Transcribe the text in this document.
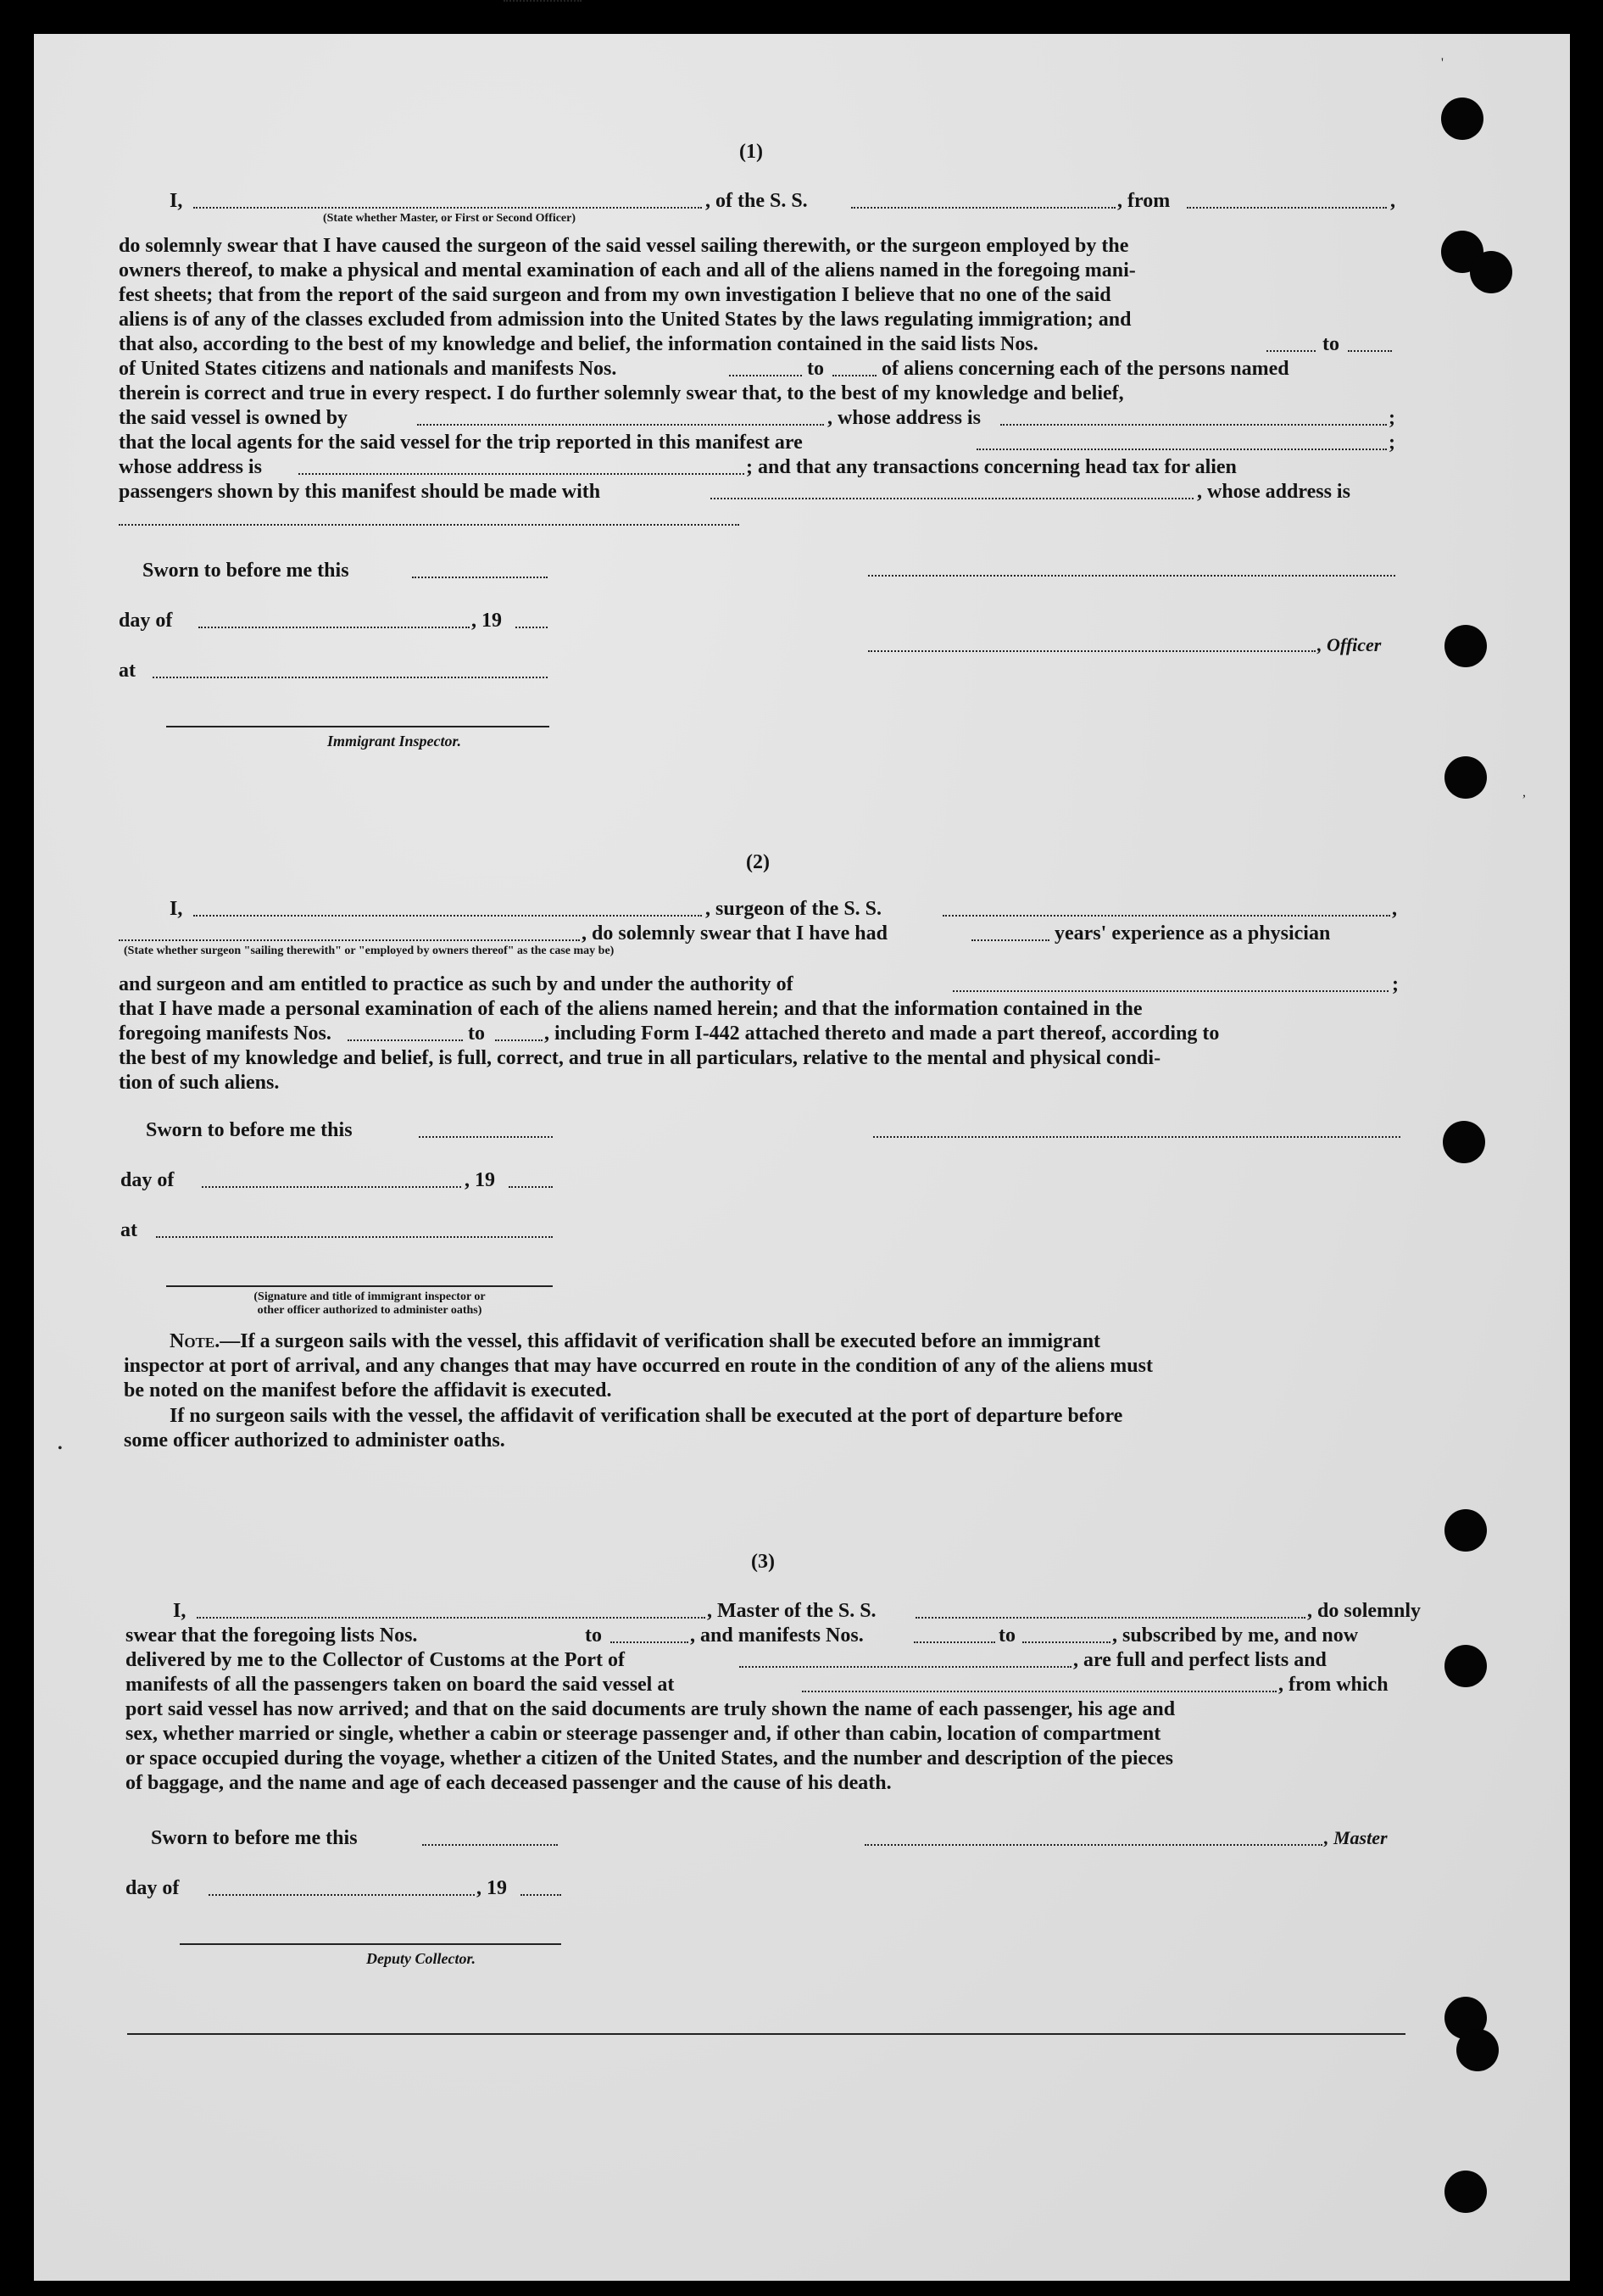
(1)
I,	, of the S. S.	, from	,
(State whether Master, or First or Second Officer)
do solemnly swear that I have caused the surgeon of the said vessel sailing therewith, or the surgeon employed by the
owners thereof, to make a physical and mental examination of each and all of the aliens named in the foregoing mani-
fest sheets; that from the report of the said surgeon and from my own investigation I believe that no one of the said
aliens is of any of the classes excluded from admission into the United States by the laws regulating immigration; and
that also, according to the best of my knowledge and belief, the information contained in the said lists Nos.	to
of United States citizens and nationals and manifests Nos.	to	of aliens concerning each of the persons named
therein is correct and true in every respect. I do further solemnly swear that, to the best of my knowledge and belief,
the said vessel is owned by	, whose address is	;
that the local agents for the said vessel for the trip reported in this manifest are	;
whose address is	; and that any transactions concerning head tax for alien
passengers shown by this manifest should be made with	, whose address is
Sworn to before me this
day of	, 19
, Officer
at
Immigrant Inspector.
(2)
I,	, surgeon of the S. S.	,
, do solemnly swear that I have had	years' experience as a physician
(State whether surgeon "sailing therewith" or "employed by owners thereof" as the case may be)
and surgeon and am entitled to practice as such by and under the authority of	;
that I have made a personal examination of each of the aliens named herein; and that the information contained in the
foregoing manifests Nos.	to	, including Form I-442 attached thereto and made a part thereof, according to
the best of my knowledge and belief, is full, correct, and true in all particulars, relative to the mental and physical condi-
tion of such aliens.
Sworn to before me this
day of	, 19
at
(Signature and title of immigrant inspector or
other officer authorized to administer oaths)
Note.—If a surgeon sails with the vessel, this affidavit of verification shall be executed before an immigrant
inspector at port of arrival, and any changes that may have occurred en route in the condition of any of the aliens must
be noted on the manifest before the affidavit is executed.
If no surgeon sails with the vessel, the affidavit of verification shall be executed at the port of departure before
some officer authorized to administer oaths.
(3)
I,	, Master of the S. S.	, do solemnly
swear that the foregoing lists Nos.	to	, and manifests Nos.	to	, subscribed by me, and now
delivered by me to the Collector of Customs at the Port of	, are full and perfect lists and
manifests of all the passengers taken on board the said vessel at	, from which
port said vessel has now arrived; and that on the said documents are truly shown the name of each passenger, his age and
sex, whether married or single, whether a cabin or steerage passenger and, if other than cabin, location of compartment
or space occupied during the voyage, whether a citizen of the United States, and the number and description of the pieces
of baggage, and the name and age of each deceased passenger and the cause of his death.
Sworn to before me this	, Master
day of	, 19
Deputy Collector.
'
•
,
